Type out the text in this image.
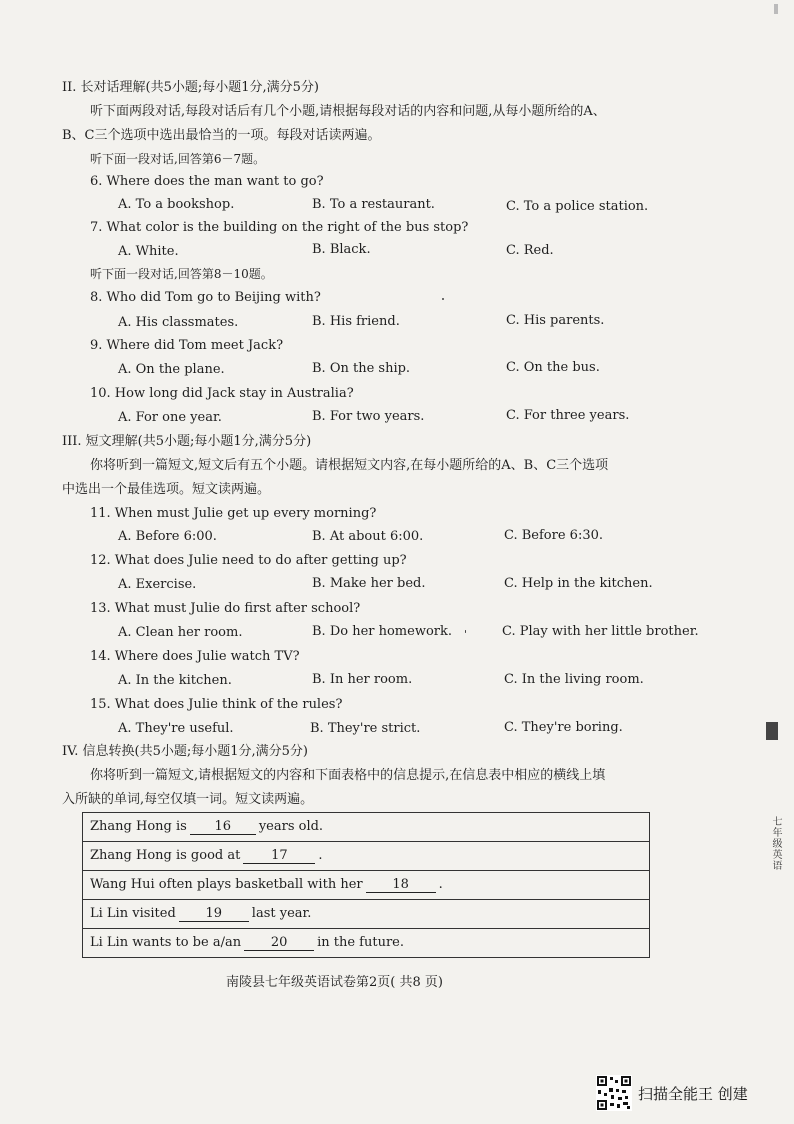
II. 长对话理解(共5小题;每小题1分,满分5分)
听下面两段对话,每段对话后有几个小题,请根据每段对话的内容和问题,从每小题所给的A、
B、C三个选项中选出最恰当的一项。每段对话读两遍。
听下面一段对话,回答第6－7题。
6. Where does the man want to go?
A. To a bookshop.	B. To a restaurant.	C. To a police station.
7. What color is the building on the right of the bus stop?
A. White.	B. Black.	C. Red.
听下面一段对话,回答第8－10题。
8. Who did Tom go to Beijing with?
A. His classmates.	B. His friend.	C. His parents.
9. Where did Tom meet Jack?
A. On the plane.	B. On the ship.	C. On the bus.
10. How long did Jack stay in Australia?
A. For one year.	B. For two years.	C. For three years.
III. 短文理解(共5小题;每小题1分,满分5分)
你将听到一篇短文,短文后有五个小题。请根据短文内容,在每小题所给的A、B、C三个选项
中选出一个最佳选项。短文读两遍。
11. When must Julie get up every morning?
A. Before 6:00.	B. At about 6:00.	C. Before 6:30.
12. What does Julie need to do after getting up?
A. Exercise.	B. Make her bed.	C. Help in the kitchen.
13. What must Julie do first after school?
A. Clean her room.	B. Do her homework.	C. Play with her little brother.
14. Where does Julie watch TV?
A. In the kitchen.	B. In her room.	C. In the living room.
15. What does Julie think of the rules?
A. They're useful.	B. They're strict.	C. They're boring.
IV. 信息转换(共5小题;每小题1分,满分5分)
你将听到一篇短文,请根据短文的内容和下面表格中的信息提示,在信息表中相应的横线上填
入所缺的单词,每空仅填一词。短文读两遍。
Zhang Hong is 16 years old.
Zhang Hong is good at 17 .
Wang Hui often plays basketball with her 18 .
Li Lin visited 19 last year.
Li Lin wants to be a/an 20 in the future.
南陵县七年级英语试卷第2页( 共8 页)
七年级英语
扫描全能王 创建
